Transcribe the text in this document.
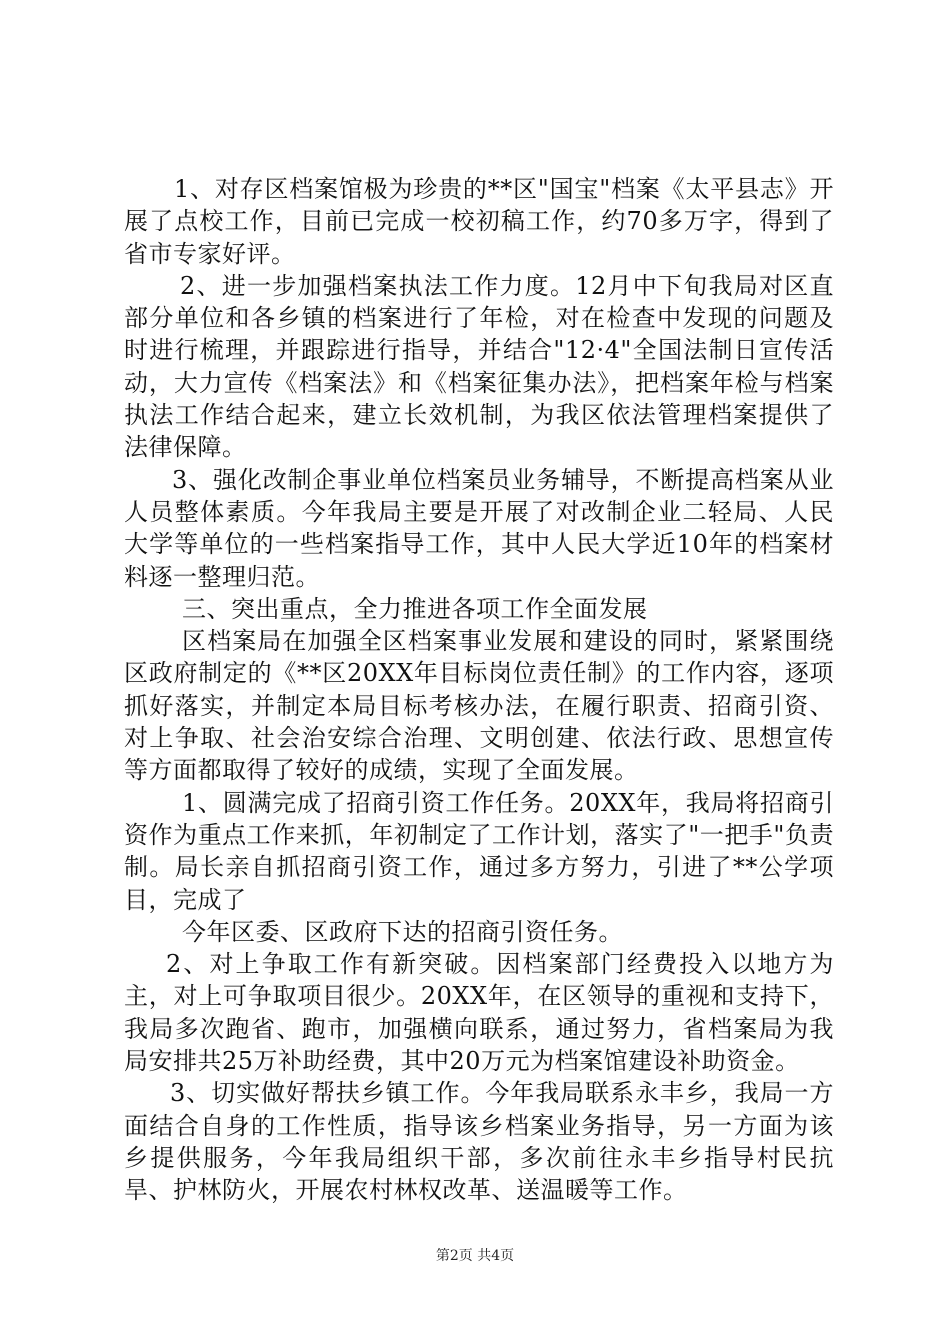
1、对存区档案馆极为珍贵的**区"国宝"档案《太平县志》开展了点校工作，目前已完成一校初稿工作，约70多万字，得到了省市专家好评。

2、进一步加强档案执法工作力度。12月中下旬我局对区直部分单位和各乡镇的档案进行了年检，对在检查中发现的问题及时进行梳理，并跟踪进行指导，并结合"12·4"全国法制日宣传活动，大力宣传《档案法》和《档案征集办法》，把档案年检与档案执法工作结合起来，建立长效机制，为我区依法管理档案提供了法律保障。

3、强化改制企事业单位档案员业务辅导，不断提高档案从业人员整体素质。今年我局主要是开展了对改制企业二轻局、人民大学等单位的一些档案指导工作，其中人民大学近10年的档案材料逐一整理归范。

三、突出重点，全力推进各项工作全面发展

区档案局在加强全区档案事业发展和建设的同时，紧紧围绕区政府制定的《**区20XX年目标岗位责任制》的工作内容，逐项抓好落实，并制定本局目标考核办法，在履行职责、招商引资、对上争取、社会治安综合治理、文明创建、依法行政、思想宣传等方面都取得了较好的成绩，实现了全面发展。

1、圆满完成了招商引资工作任务。20XX年，我局将招商引资作为重点工作来抓，年初制定了工作计划，落实了"一把手"负责制。局长亲自抓招商引资工作，通过多方努力，引进了**公学项目，完成了

今年区委、区政府下达的招商引资任务。

2、对上争取工作有新突破。因档案部门经费投入以地方为主，对上可争取项目很少。20XX年，在区领导的重视和支持下，我局多次跑省、跑市，加强横向联系，通过努力，省档案局为我局安排共25万补助经费，其中20万元为档案馆建设补助资金。

3、切实做好帮扶乡镇工作。今年我局联系永丰乡，我局一方面结合自身的工作性质，指导该乡档案业务指导，另一方面为该乡提供服务，今年我局组织干部，多次前往永丰乡指导村民抗旱、护林防火，开展农村林权改革、送温暖等工作。

第2页 共4页
